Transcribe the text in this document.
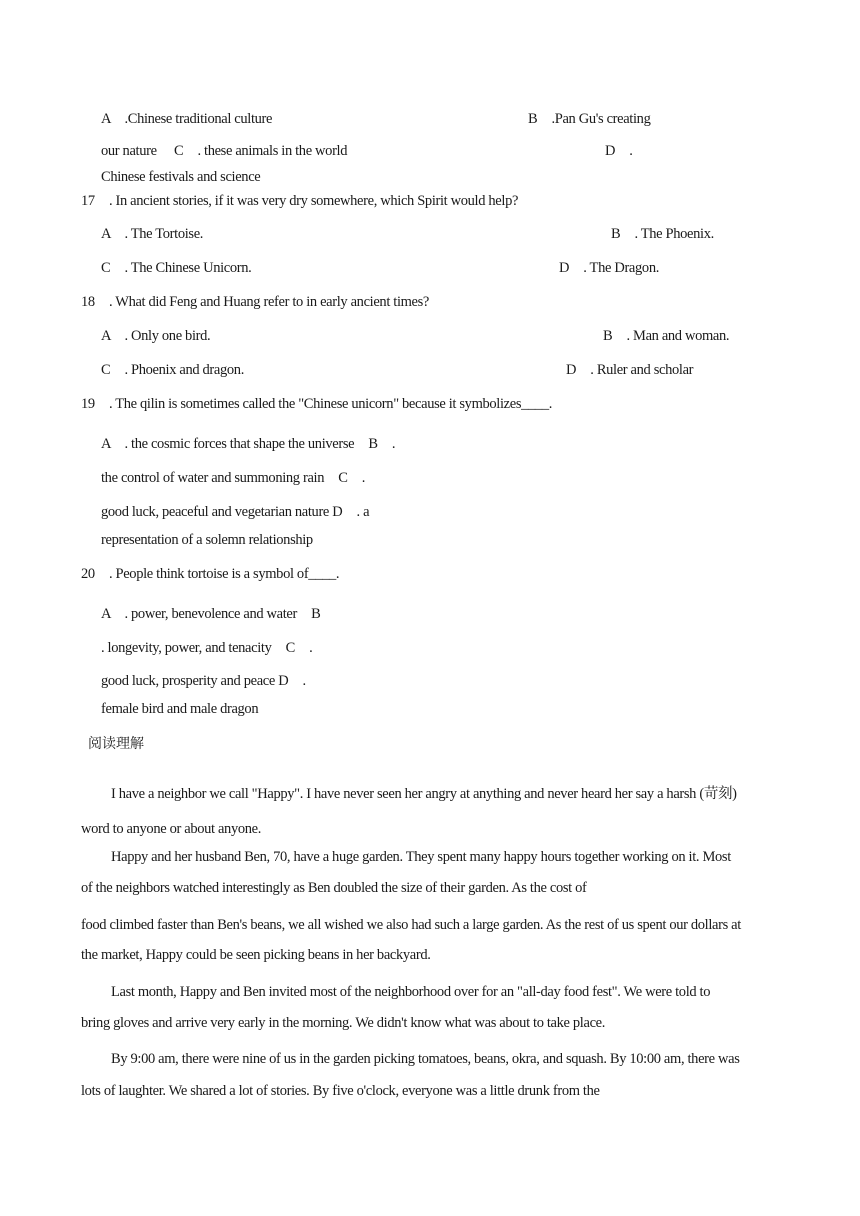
A　.Chinese traditional culture	B　.Pan Gu's creating
our nature C　. these animals in the world	D　.
Chinese festivals and science
17　. In ancient stories, if it was very dry somewhere, which Spirit would help?
A　. The Tortoise.	B　. The Phoenix.
C　. The Chinese Unicorn.	D　. The Dragon.
18　. What did Feng and Huang refer to in early ancient times?
A　. Only one bird.	B　. Man and woman.
C　. Phoenix and dragon.	D　. Ruler and scholar
19　. The qilin is sometimes called the "Chinese unicorn" because it symbolizes____.
A　. the cosmic forces that shape the universe　B　.
the control of water and summoning rain　C　.
good luck, peaceful and vegetarian nature D　. a
representation of a solemn relationship
20　. People think tortoise is a symbol of____.
A　. power, benevolence and water　B
. longevity, power, and tenacity　C　.
good luck, prosperity and peace D　.
female bird and male dragon
阅读理解
I have a neighbor we call "Happy". I have never seen her angry at anything and never heard her say a harsh (苛刻)
word to anyone or about anyone.
Happy and her husband Ben, 70, have a huge garden. They spent many happy hours together working on it. Most
of the neighbors watched interestingly as Ben doubled the size of their garden. As the cost of
food climbed faster than Ben's beans, we all wished we also had such a large garden. As the rest of us spent our dollars at
the market, Happy could be seen picking beans in her backyard.
Last month, Happy and Ben invited most of the neighborhood over for an "all-day food fest". We were told to
bring gloves and arrive very early in the morning. We didn't know what was about to take place.
By 9:00 am, there were nine of us in the garden picking tomatoes, beans, okra, and squash. By 10:00 am, there was
lots of laughter. We shared a lot of stories. By five o'clock, everyone was a little drunk from the
